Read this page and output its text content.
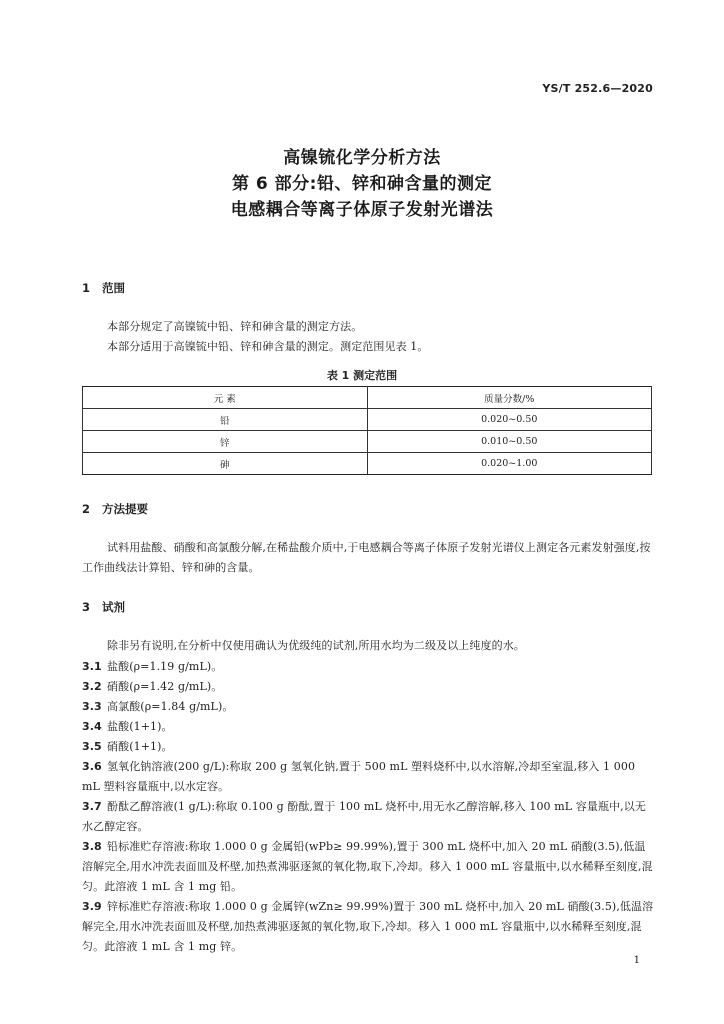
YS/T 252.6—2020
高镍锍化学分析方法
第 6 部分:铅、锌和砷含量的测定
电感耦合等离子体原子发射光谱法
1 范围
本部分规定了高镍锍中铅、锌和砷含量的测定方法。
本部分适用于高镍锍中铅、锌和砷含量的测定。测定范围见表 1。
表 1 测定范围
元 素	质量分数/%
铅	0.020~0.50
锌	0.010~0.50
砷	0.020~1.00
2 方法提要
试料用盐酸、硝酸和高氯酸分解,在稀盐酸介质中,于电感耦合等离子体原子发射光谱仪上测定各元素发射强度,按工作曲线法计算铅、锌和砷的含量。
3 试剂
除非另有说明,在分析中仅使用确认为优级纯的试剂,所用水均为二级及以上纯度的水。
3.1 盐酸(ρ=1.19 g/mL)。
3.2 硝酸(ρ=1.42 g/mL)。
3.3 高氯酸(ρ=1.84 g/mL)。
3.4 盐酸(1+1)。
3.5 硝酸(1+1)。
3.6 氢氧化钠溶液(200 g/L):称取 200 g 氢氧化钠,置于 500 mL 塑料烧杯中,以水溶解,冷却至室温,移入 1 000 mL 塑料容量瓶中,以水定容。
3.7 酚酞乙醇溶液(1 g/L):称取 0.100 g 酚酞,置于 100 mL 烧杯中,用无水乙醇溶解,移入 100 mL 容量瓶中,以无水乙醇定容。
3.8 铅标准贮存溶液:称取 1.000 0 g 金属铅(wPb≥ 99.99%),置于 300 mL 烧杯中,加入 20 mL 硝酸(3.5),低温溶解完全,用水冲洗表面皿及杯壁,加热煮沸驱逐氮的氧化物,取下,冷却。移入 1 000 mL 容量瓶中,以水稀释至刻度,混匀。此溶液 1 mL 含 1 mg 铅。
3.9 锌标准贮存溶液:称取 1.000 0 g 金属锌(wZn≥ 99.99%)置于 300 mL 烧杯中,加入 20 mL 硝酸(3.5),低温溶解完全,用水冲洗表面皿及杯壁,加热煮沸驱逐氮的氧化物,取下,冷却。移入 1 000 mL 容量瓶中,以水稀释至刻度,混匀。此溶液 1 mL 含 1 mg 锌。
1
